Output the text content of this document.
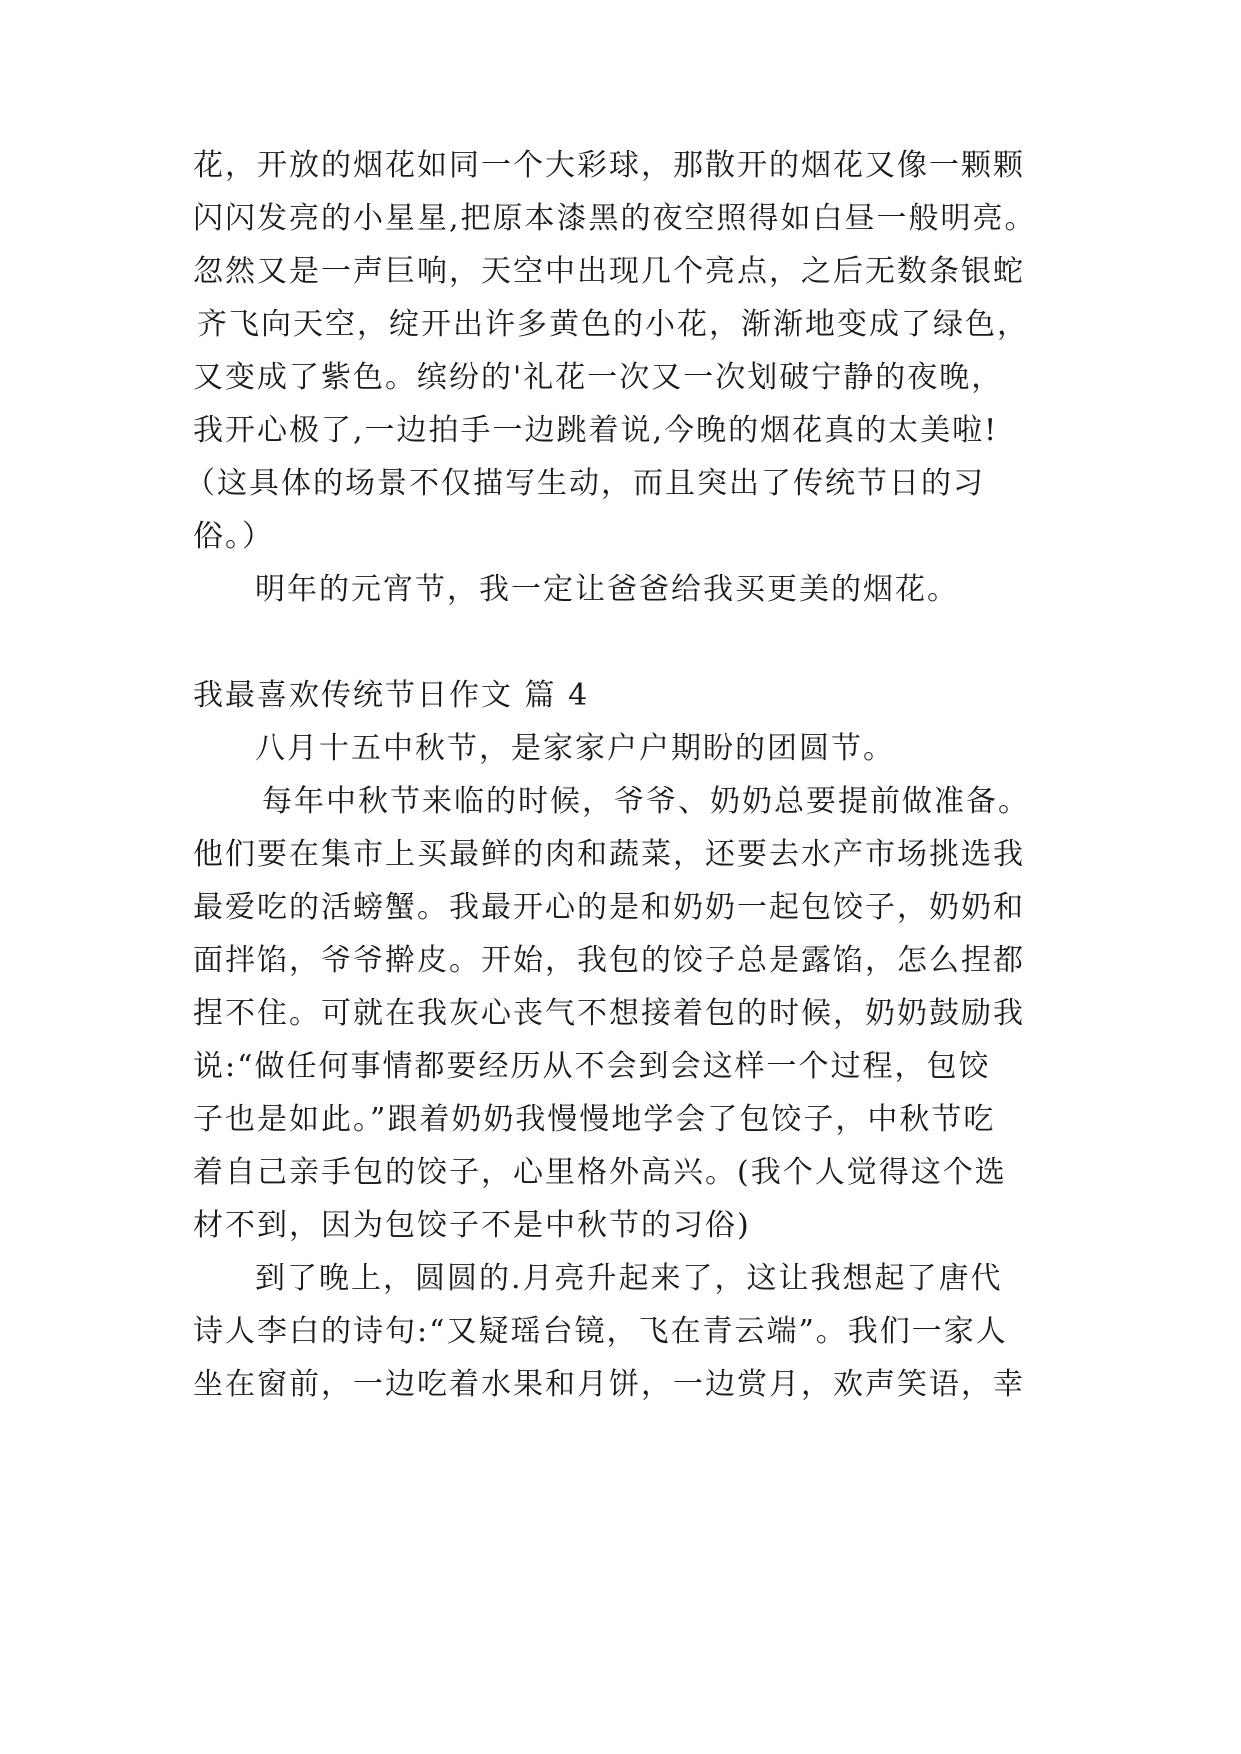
花，开放的烟花如同一个大彩球，那散开的烟花又像一颗颗
闪闪发亮的小星星,把原本漆黑的夜空照得如白昼一般明亮。
忽然又是一声巨响，天空中出现几个亮点，之后无数条银蛇
齐飞向天空，绽开出许多黄色的小花，渐渐地变成了绿色，
又变成了紫色。缤纷的'礼花一次又一次划破宁静的夜晚，
我开心极了,一边拍手一边跳着说,今晚的烟花真的太美啦!
（这具体的场景不仅描写生动，而且突出了传统节日的习
俗。）
明年的元宵节，我一定让爸爸给我买更美的烟花。
我最喜欢传统节日作文 篇 4
八月十五中秋节，是家家户户期盼的团圆节。
每年中秋节来临的时候，爷爷、奶奶总要提前做准备。
他们要在集市上买最鲜的肉和蔬菜，还要去水产市场挑选我
最爱吃的活螃蟹。我最开心的是和奶奶一起包饺子，奶奶和
面拌馅，爷爷擀皮。开始，我包的饺子总是露馅，怎么捏都
捏不住。可就在我灰心丧气不想接着包的时候，奶奶鼓励我
说:“做任何事情都要经历从不会到会这样一个过程，包饺
子也是如此。”跟着奶奶我慢慢地学会了包饺子，中秋节吃
着自己亲手包的饺子，心里格外高兴。(我个人觉得这个选
材不到，因为包饺子不是中秋节的习俗)
到了晚上，圆圆的.月亮升起来了，这让我想起了唐代
诗人李白的诗句:“又疑瑶台镜，飞在青云端”。我们一家人
坐在窗前，一边吃着水果和月饼，一边赏月，欢声笑语，幸
